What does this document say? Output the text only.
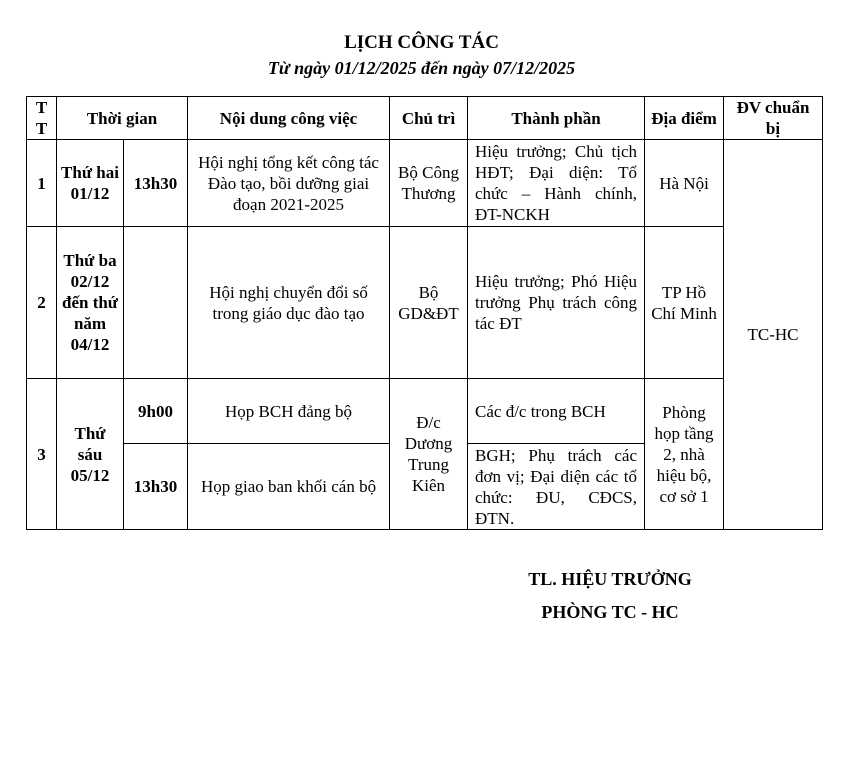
LỊCH CÔNG TÁC
Từ ngày 01/12/2025 đến ngày 07/12/2025
TT	Thời gian		Nội dung công việc	Chủ trì	Thành phần	Địa điểm	ĐV chuẩn bị
1	Thứ hai 01/12	13h30	Hội nghị tổng kết công tác Đào tạo, bồi dưỡng giai đoạn 2021-2025	Bộ Công Thương	Hiệu trưởng; Chủ tịch HĐT; Đại diện: Tổ chức – Hành chính, ĐT-NCKH	Hà Nội	TC-HC
2	Thứ ba 02/12 đến thứ năm 04/12		Hội nghị chuyển đổi số trong giáo dục đào tạo	Bộ GD&ĐT	Hiệu trưởng; Phó Hiệu trưởng Phụ trách công tác ĐT	TP Hồ Chí Minh	
3	Thứ sáu 05/12	9h00	Họp BCH đảng bộ	Đ/c Dương Trung Kiên	Các đ/c trong BCH	Phòng họp tầng 2, nhà hiệu bộ, cơ sở 1	
		13h30	Họp giao ban khối cán bộ		BGH; Phụ trách các đơn vị; Đại diện các tổ chức: ĐU, CĐCS, ĐTN.		
TL. HIỆU TRƯỞNG
PHÒNG TC - HC
